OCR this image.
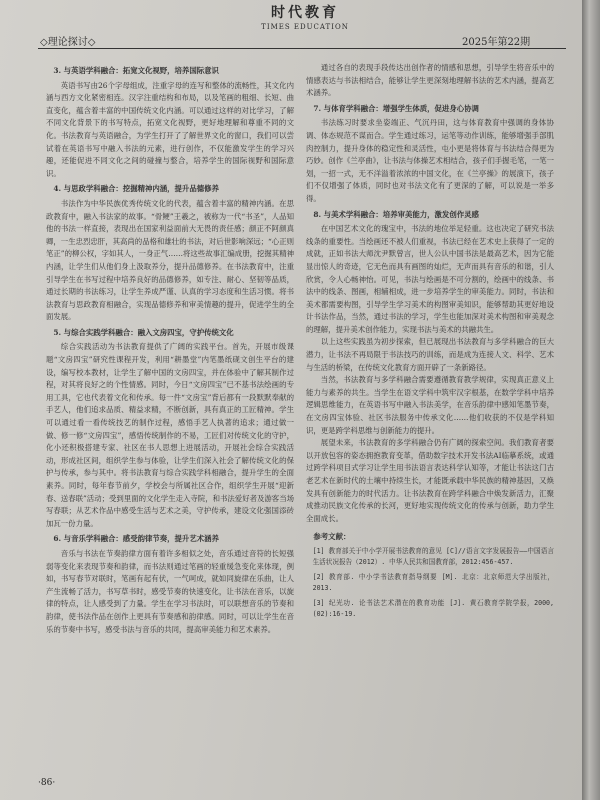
时代教育
TIMES EDUCATION
◇理论探讨◇	2025年第22期

3. 与英语学科融合：拓宽文化视野，培养国际意识

英语书写由26个字母组成，注重字母的连写和整体的流畅性，其文化内涵与西方文化紧密相连。汉字注重结构和布局，以及笔画的粗细、长短、曲直变化，蕴含着丰富的中国传统文化内涵。可以通过这样的对比学习，了解不同文化背景下的书写特点，拓宽文化视野，更好地理解和尊重不同的文化。书法教育与英语融合，为学生打开了了解世界文化的窗口，我们可以尝试着在英语书写中融入书法的元素，进行创作，不仅能激发学生的学习兴趣，还能促进不同文化之间的碰撞与整合，培养学生的国际视野和国际意识。

4. 与思政学科融合：挖掘精神内涵，提升品德修养

书法作为中华民族优秀传统文化的代表，蕴含着丰富的精神内涵。在思政教育中，融入书法家的故事。“骨鲠”王羲之，被称为一代“书圣”，人品知他的书法一样直接，表现出在国家利益面前大无畏的责任感；颜正不阿颜真卿，一生忠烈忠肝，其高尚的品格和雄壮的书法，对后世影响深远；“心正则笔正”的柳公权，字如其人，一身正气……将这些故事汇编成册，挖掘其精神内涵，让学生们从他们身上汲取养分，提升品德修养。在书法教育中，注重引导学生在书写过程中培养良好的品德修养，如专注、耐心、坚韧等品质，通过长期的书法练习，让学生养成严谨、认真的学习态度和生活习惯。将书法教育与思政教育相融合，实现品德修养和审美情趣的提升，促进学生的全面发展。

5. 与综合实践学科融合：融入文房四宝，守护传统文化

综合实践活动为书法教育提供了广阔的实践平台。首先，开展市级课题“文房四宝”研究性课程开发，利用“耕墨堂”内笔墨纸砚文创生平台的建设，编写校本教材，让学生了解中国的文房四宝，并在体验中了解其制作过程，对其将良好之的个性情感。同时，今日“文房四宝”已不基书法绘画的专用工具，它也代表着文化和传承。每一件“文房宝”背后都有一段默默奉献的手艺人，他们追求品质、精益求精，不断创新，具有真正的工匠精神。学生可以通过看一看传统技艺的制作过程，感悟手艺人执著的追求；通过做一做、修一修“文房四宝”，感悟传统制作的不易，工匠们对传统文化的守护，化小还积极搭建专家、社区在书人思想上进展活动，开展社会综合实践活动，形成社区间，组织学生参与体验，让学生们深入社会了解传统文化的保护与传承，参与其中。将书法教育与综合实践学科相融合，提升学生的全面素养。同时，每年春节前夕，学校会与所属社区合作，组织学生开展“迎新春、送春联”活动；受到里面的文化学生走入寺院，和书法爱好者及游客当场写春联；从艺术作品中感受生活与艺术之美，守护传承，建设文化强国添砖加瓦一份力量。

6. 与音乐学科融合：感受韵律节奏，提升艺术涵养

音乐与书法在节奏韵律方面有着许多相似之处，音乐通过音符的长短强弱等变化来表现节奏和韵律，而书法则通过笔画的轻重缓急变化来体现，例如，书写春节对联时，笔画有起有伏，一气呵成，就如同旋律在乐曲，让人产生流畅了活力，书写草书时，感受节奏的快速变化，让书法在音乐，以旋律的特点，让人感受到了力量。学生在学习书法时，可以联想音乐的节奏和韵律，使书法作品在创作上更具有节奏感和韵律感。同时，可以让学生在音乐的节奏中书写，感受书法与音乐的共同，提高审美能力和艺术素养。

通过各自的表现手段传达出创作者的情感和思想，引导学生将音乐中的情感表达与书法相结合，能够让学生更深刻地理解书法的艺术内涵，提高艺术涵养。

7. 与体育学科融合：增强学生体质，促进身心协调

书法练习时要求坐姿端正、气沉丹田，这与体育教育中强调的身体协调、体态规范不谋而合。学生通过练习，运笔等动作训练，能够增强手部肌肉控制力，提升身体的稳定性和灵活性，屯小更是将体育与书法结合得更为巧妙。创作《兰亭曲》，让书法与体操艺术相结合，孩子们手握毛笔，一笔一划，一招一式，无不洋溢着浓浓的中国文化，在《兰亭操》的展演下，孩子们不仅增强了体质，同时也对书法文化有了更深的了解，可以说是一举多得。

8. 与美术学科融合：培养审美能力，激发创作灵感

在中国艺术文化的瑰宝中，书法的地位举足轻重。这也决定了研究书法线条的重要性。当绘画还不被人们重视，书法已经在艺术史上获得了一定的成就，正如书法大师沈尹默曾言，世人公认中国书法是最高艺术，因为它能显出惊人的奇迹，它无色而具有画图的灿烂，无声而具有音乐的和谐，引人欣赏，令人心畅神怡。可见，书法与绘画是不可分割的，绘画中的线条、书法中的线条、图画，相辅相成，进一步培养学生的审美能力。同时，书法和美术都需要构图，引导学生学习美术的构图审美知识，能够帮助其更好地设计书法作品，当然，通过书法的学习，学生也能加深对美术构图和审美观念的理解，提升美术创作能力，实现书法与美术的共融共生。

以上这些实践虽为初步探索，但已展现出书法教育与多学科融合的巨大潜力，让书法不再局限于书法技巧的训练，而是成为连接人文、科学、艺术与生活的桥梁，在传统文化教育方面开辟了一条新路径。

当然，书法教育与多学科融合需要遵循教育教学规律，实现真正意义上能力与素养的共生。当学生在语文学科中筑牢汉字根基，在数学学科中培养逻辑思维能力，在英语书写中融入书法美学，在音乐韵律中感知笔墨节奏，在文房四宝体验、社区书法服务中传承文化……他们收获的不仅是学科知识，更是跨学科思维与创新能力的提升。

展望未来，书法教育的多学科融合仍有广阔的探索空间。我们教育者要以开放包容的姿态拥抱教育变革，借助数字技术开发书法AI临摹系统，或通过跨学科项目式学习让学生用书法语言表达科学认知等，才能让书法这门古老艺术在新时代的土壤中持续生长，才能既承载中华民族的精神基因，又焕发具有创新能力的时代活力。让书法教育在跨学科融合中焕发新活力，汇聚成推动民族文化传承的长河，更好地实现传统文化的传承与创新，助力学生全面成长。

参考文献：
[1] 教育部关于中小学开展书法教育的意见 [C]//语言文字发展报告——中国语言生活状况报告（2012）. 中华人民共和国教育部，2012:456-457.
[2] 教育部. 中小学书法教育指导纲要 [M]. 北京：北京师范大学出版社，2013.
[3] 纪光功. 论书法艺术潜在的教育功能 [J]. 黄石教育学院学报，2000, (02):16-19.
·86·
